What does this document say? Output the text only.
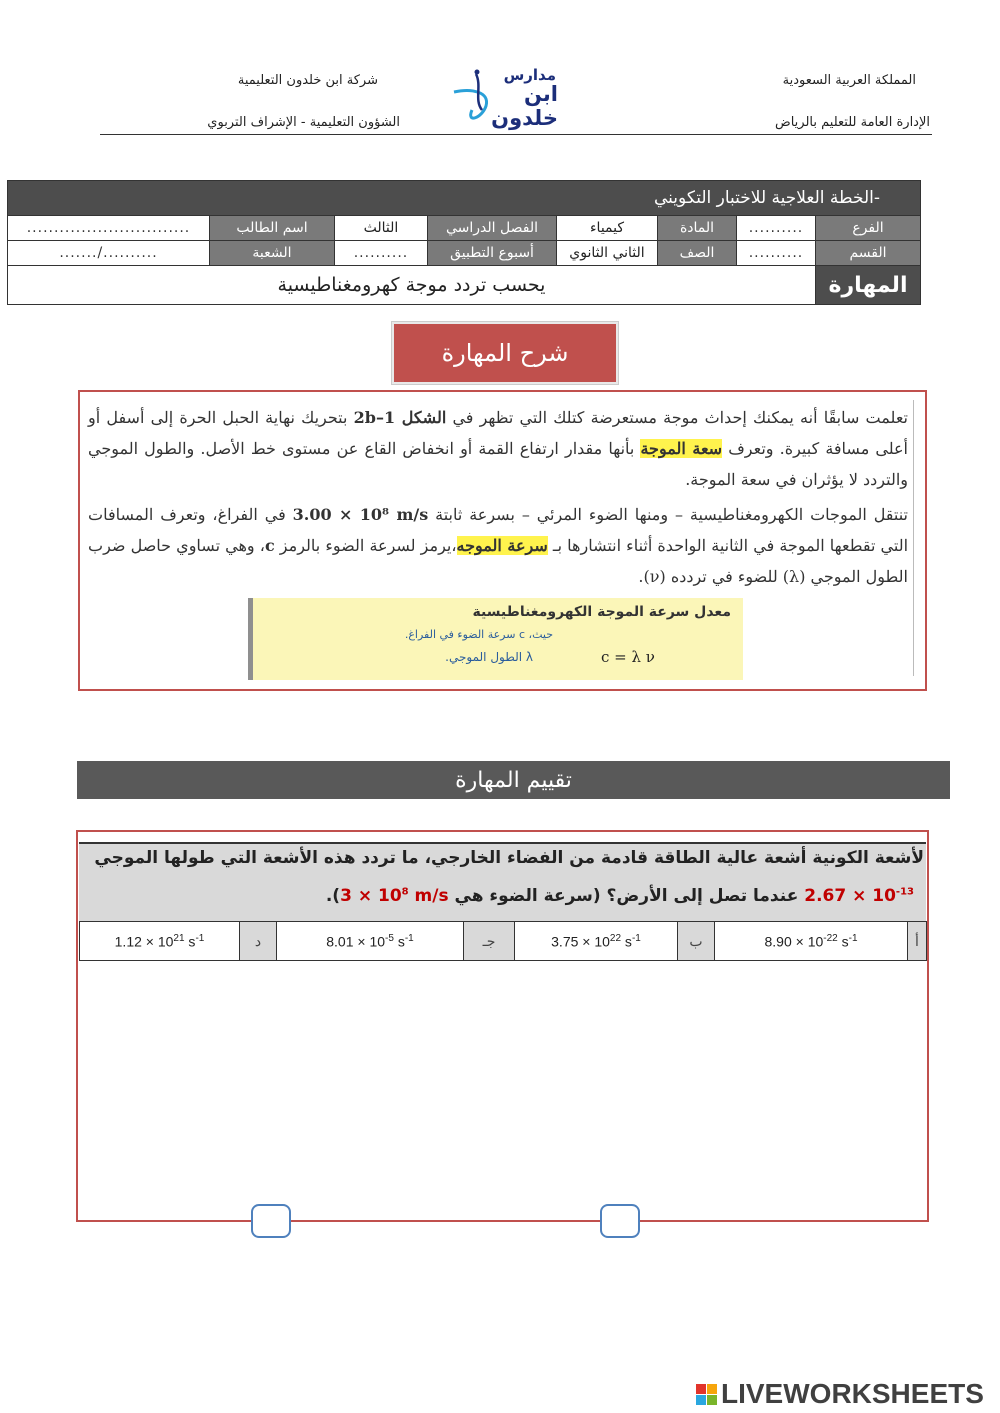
المملكة العربية السعودية
الإدارة العامة للتعليم بالرياض
شركة ابن خلدون التعليمية
الشؤون التعليمية - الإشراف التربوي
مدارس
ابن خلدون
-الخطة العلاجية للاختبار التكويني							
الفرع	..........	المادة	كيمياء	الفصل الدراسي	الثالث	اسم الطالب	..............................
القسم	..........	الصف	الثاني الثانوي	أسبوع التطبيق	..........	الشعبة	........../.......
المهارة	يحسب تردد موجة كهرومغناطيسية						
شرح المهارة

تعلمت سابقًا أنه يمكنك إحداث موجة مستعرضة كتلك التي تظهر في الشكل 2b–1 بتحريك نهاية الحبل الحرة إلى أسفل أو أعلى مسافة كبيرة. وتعرف سعة الموجة بأنها مقدار ارتفاع القمة أو انخفاض القاع عن مستوى خط الأصل. والطول الموجي والتردد لا يؤثران في سعة الموجة.

تنتقل الموجات الكهرومغناطيسية – ومنها الضوء المرئي – بسرعة ثابتة 3.00 × 10⁸ m/s في الفراغ، وتعرف المسافات التي تقطعها الموجة في الثانية الواحدة أثناء انتشارها بـ سرعة الموجه،يرمز لسرعة الضوء بالرمز c، وهي تساوي حاصل ضرب الطول الموجي (λ) للضوء في تردده (ν).

معدل سرعة الموجة الكهرومغناطيسية
حيث، c سرعة الضوء في الفراغ.
λ الطول الموجي.	c = λ ν
تقييم المهارة
لأشعة الكونية أشعة عالية الطاقة قادمة من الفضاء الخارجي، ما تردد هذه الأشعة التي طولها الموجي
$2.67 \times 10^{-13}$ عندما تصل إلى الأرض؟ (سرعة الضوء هي $3 \times 10^8$ m/s).
أ	$8.90 \times 10^{-22}$ $s^{-1}$	ب	$3.75 \times 10^{22}$ $s^{-1}$	جـ	$8.01 \times 10^{-5}$ $s^{-1}$	د	$1.12 \times 10^{21}$ $s^{-1}$
LIVEWORKSHEETS
